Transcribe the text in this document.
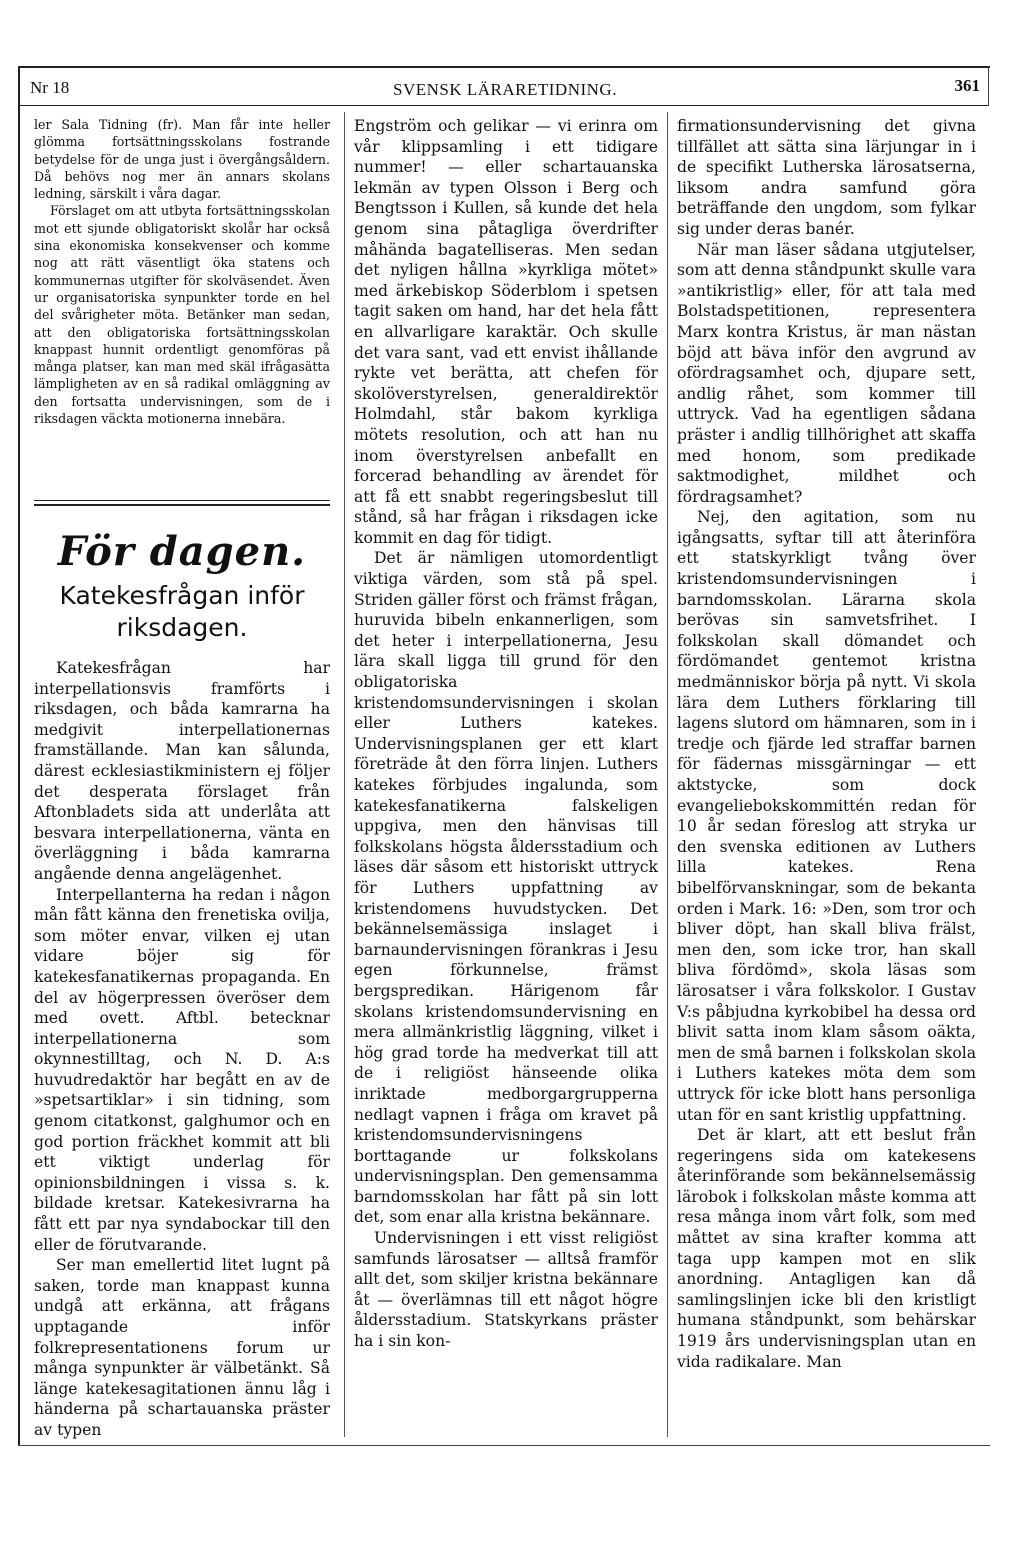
Nr 18	SVENSK LÄRARETIDNING.	361

ler Sala Tidning (fr). Man får inte heller glömma fortsättningsskolans fostrande betydelse för de unga just i övergångsåldern. Då behövs nog mer än annars skolans ledning, särskilt i våra dagar.

Förslaget om att utbyta fortsättningsskolan mot ett sjunde obligatoriskt skolår har också sina ekonomiska konsekvenser och komme nog att rätt väsentligt öka statens och kommunernas utgifter för skolväsendet. Även ur organisatoriska synpunkter torde en hel del svårigheter möta. Betänker man sedan, att den obligatoriska fortsättningsskolan knappast hunnit ordentligt genomföras på många platser, kan man med skäl ifrågasätta lämpligheten av en så radikal omläggning av den fortsatta undervisningen, som de i riksdagen väckta motionerna innebära.

För dagen.
Katekesfrågan inför riksdagen.

Katekesfrågan har interpellationsvis framförts i riksdagen, och båda kamrarna ha medgivit interpellationernas framställande. Man kan sålunda, därest ecklesiastikministern ej följer det desperata förslaget från Aftonbladets sida att underlåta att besvara interpellationerna, vänta en överläggning i båda kamrarna angående denna angelägenhet.

Interpellanterna ha redan i någon mån fått känna den frenetiska ovilja, som möter envar, vilken ej utan vidare böjer sig för katekesfanatikernas propaganda. En del av högerpressen överöser dem med ovett. Aftbl. betecknar interpellationerna som okynnestilltag, och N. D. A:s huvudredaktör har begått en av de »spetsartiklar» i sin tidning, som genom citatkonst, galghumor och en god portion fräckhet kommit att bli ett viktigt underlag för opinionsbildningen i vissa s. k. bildade kretsar. Katekesivrarna ha fått ett par nya syndabockar till den eller de förutvarande.

Ser man emellertid litet lugnt på saken, torde man knappast kunna undgå att erkänna, att frågans upptagande inför folkrepresentationens forum ur många synpunkter är välbetänkt. Så länge katekesagitationen ännu låg i händerna på schartauanska präster av typen

Engström och gelikar — vi erinra om vår klippsamling i ett tidigare nummer! — eller schartauanska lekmän av typen Olsson i Berg och Bengtsson i Kullen, så kunde det hela genom sina påtagliga överdrifter måhända bagatelliseras. Men sedan det nyligen hållna »kyrkliga mötet» med ärkebiskop Söderblom i spetsen tagit saken om hand, har det hela fått en allvarligare karaktär. Och skulle det vara sant, vad ett envist ihållande rykte vet berätta, att chefen för skolöverstyrelsen, generaldirektör Holmdahl, står bakom kyrkliga mötets resolution, och att han nu inom överstyrelsen anbefallt en forcerad behandling av ärendet för att få ett snabbt regeringsbeslut till stånd, så har frågan i riksdagen icke kommit en dag för tidigt.

Det är nämligen utomordentligt viktiga värden, som stå på spel. Striden gäller först och främst frågan, huruvida bibeln enkannerligen, som det heter i interpellationerna, Jesu lära skall ligga till grund för den obligatoriska kristendomsundervisningen i skolan eller Luthers katekes. Undervisningsplanen ger ett klart företräde åt den förra linjen. Luthers katekes förbjudes ingalunda, som katekesfanatikerna falskeligen uppgiva, men den hänvisas till folkskolans högsta åldersstadium och läses där såsom ett historiskt uttryck för Luthers uppfattning av kristendomens huvudstycken. Det bekännelsemässiga inslaget i barnaundervisningen förankras i Jesu egen förkunnelse, främst bergspredikan. Härigenom får skolans kristendomsundervisning en mera allmänkristlig läggning, vilket i hög grad torde ha medverkat till att de i religiöst hänseende olika inriktade medborgargrupperna nedlagt vapnen i fråga om kravet på kristendomsundervisningens borttagande ur folkskolans undervisningsplan. Den gemensamma barndomsskolan har fått på sin lott det, som enar alla kristna bekännare.

Undervisningen i ett visst religiöst samfunds lärosatser — alltså framför allt det, som skiljer kristna bekännare åt — överlämnas till ett något högre åldersstadium. Statskyrkans präster ha i sin kon-

firmationsundervisning det givna tillfället att sätta sina lärjungar in i de specifikt Lutherska lärosatserna, liksom andra samfund göra beträffande den ungdom, som fylkar sig under deras banér.

När man läser sådana utgjutelser, som att denna ståndpunkt skulle vara »antikristlig» eller, för att tala med Bolstadspetitionen, representera Marx kontra Kristus, är man nästan böjd att bäva inför den avgrund av ofördragsamhet och, djupare sett, andlig råhet, som kommer till uttryck. Vad ha egentligen sådana präster i andlig tillhörighet att skaffa med honom, som predikade saktmodighet, mildhet och fördragsamhet?

Nej, den agitation, som nu igångsatts, syftar till att återinföra ett statskyrkligt tvång över kristendomsundervisningen i barndomsskolan. Lärarna skola berövas sin samvetsfrihet. I folkskolan skall dömandet och fördömandet gentemot kristna medmänniskor börja på nytt. Vi skola lära dem Luthers förklaring till lagens slutord om hämnaren, som in i tredje och fjärde led straffar barnen för fädernas missgärningar — ett aktstycke, som dock evangeliebokskommittén redan för 10 år sedan föreslog att stryka ur den svenska editionen av Luthers lilla katekes. Rena bibelförvanskningar, som de bekanta orden i Mark. 16: »Den, som tror och bliver döpt, han skall bliva frälst, men den, som icke tror, han skall bliva fördömd», skola läsas som lärosatser i våra folkskolor. I Gustav V:s påbjudna kyrkobibel ha dessa ord blivit satta inom klam såsom oäkta, men de små barnen i folkskolan skola i Luthers katekes möta dem som uttryck för icke blott hans personliga utan för en sant kristlig uppfattning.

Det är klart, att ett beslut från regeringens sida om katekesens återinförande som bekännelsemässig lärobok i folkskolan måste komma att resa många inom vårt folk, som med måttet av sina krafter komma att taga upp kampen mot en slik anordning. Antagligen kan då samlingslinjen icke bli den kristligt humana ståndpunkt, som behärskar 1919 års undervisningsplan utan en vida radikalare. Man
